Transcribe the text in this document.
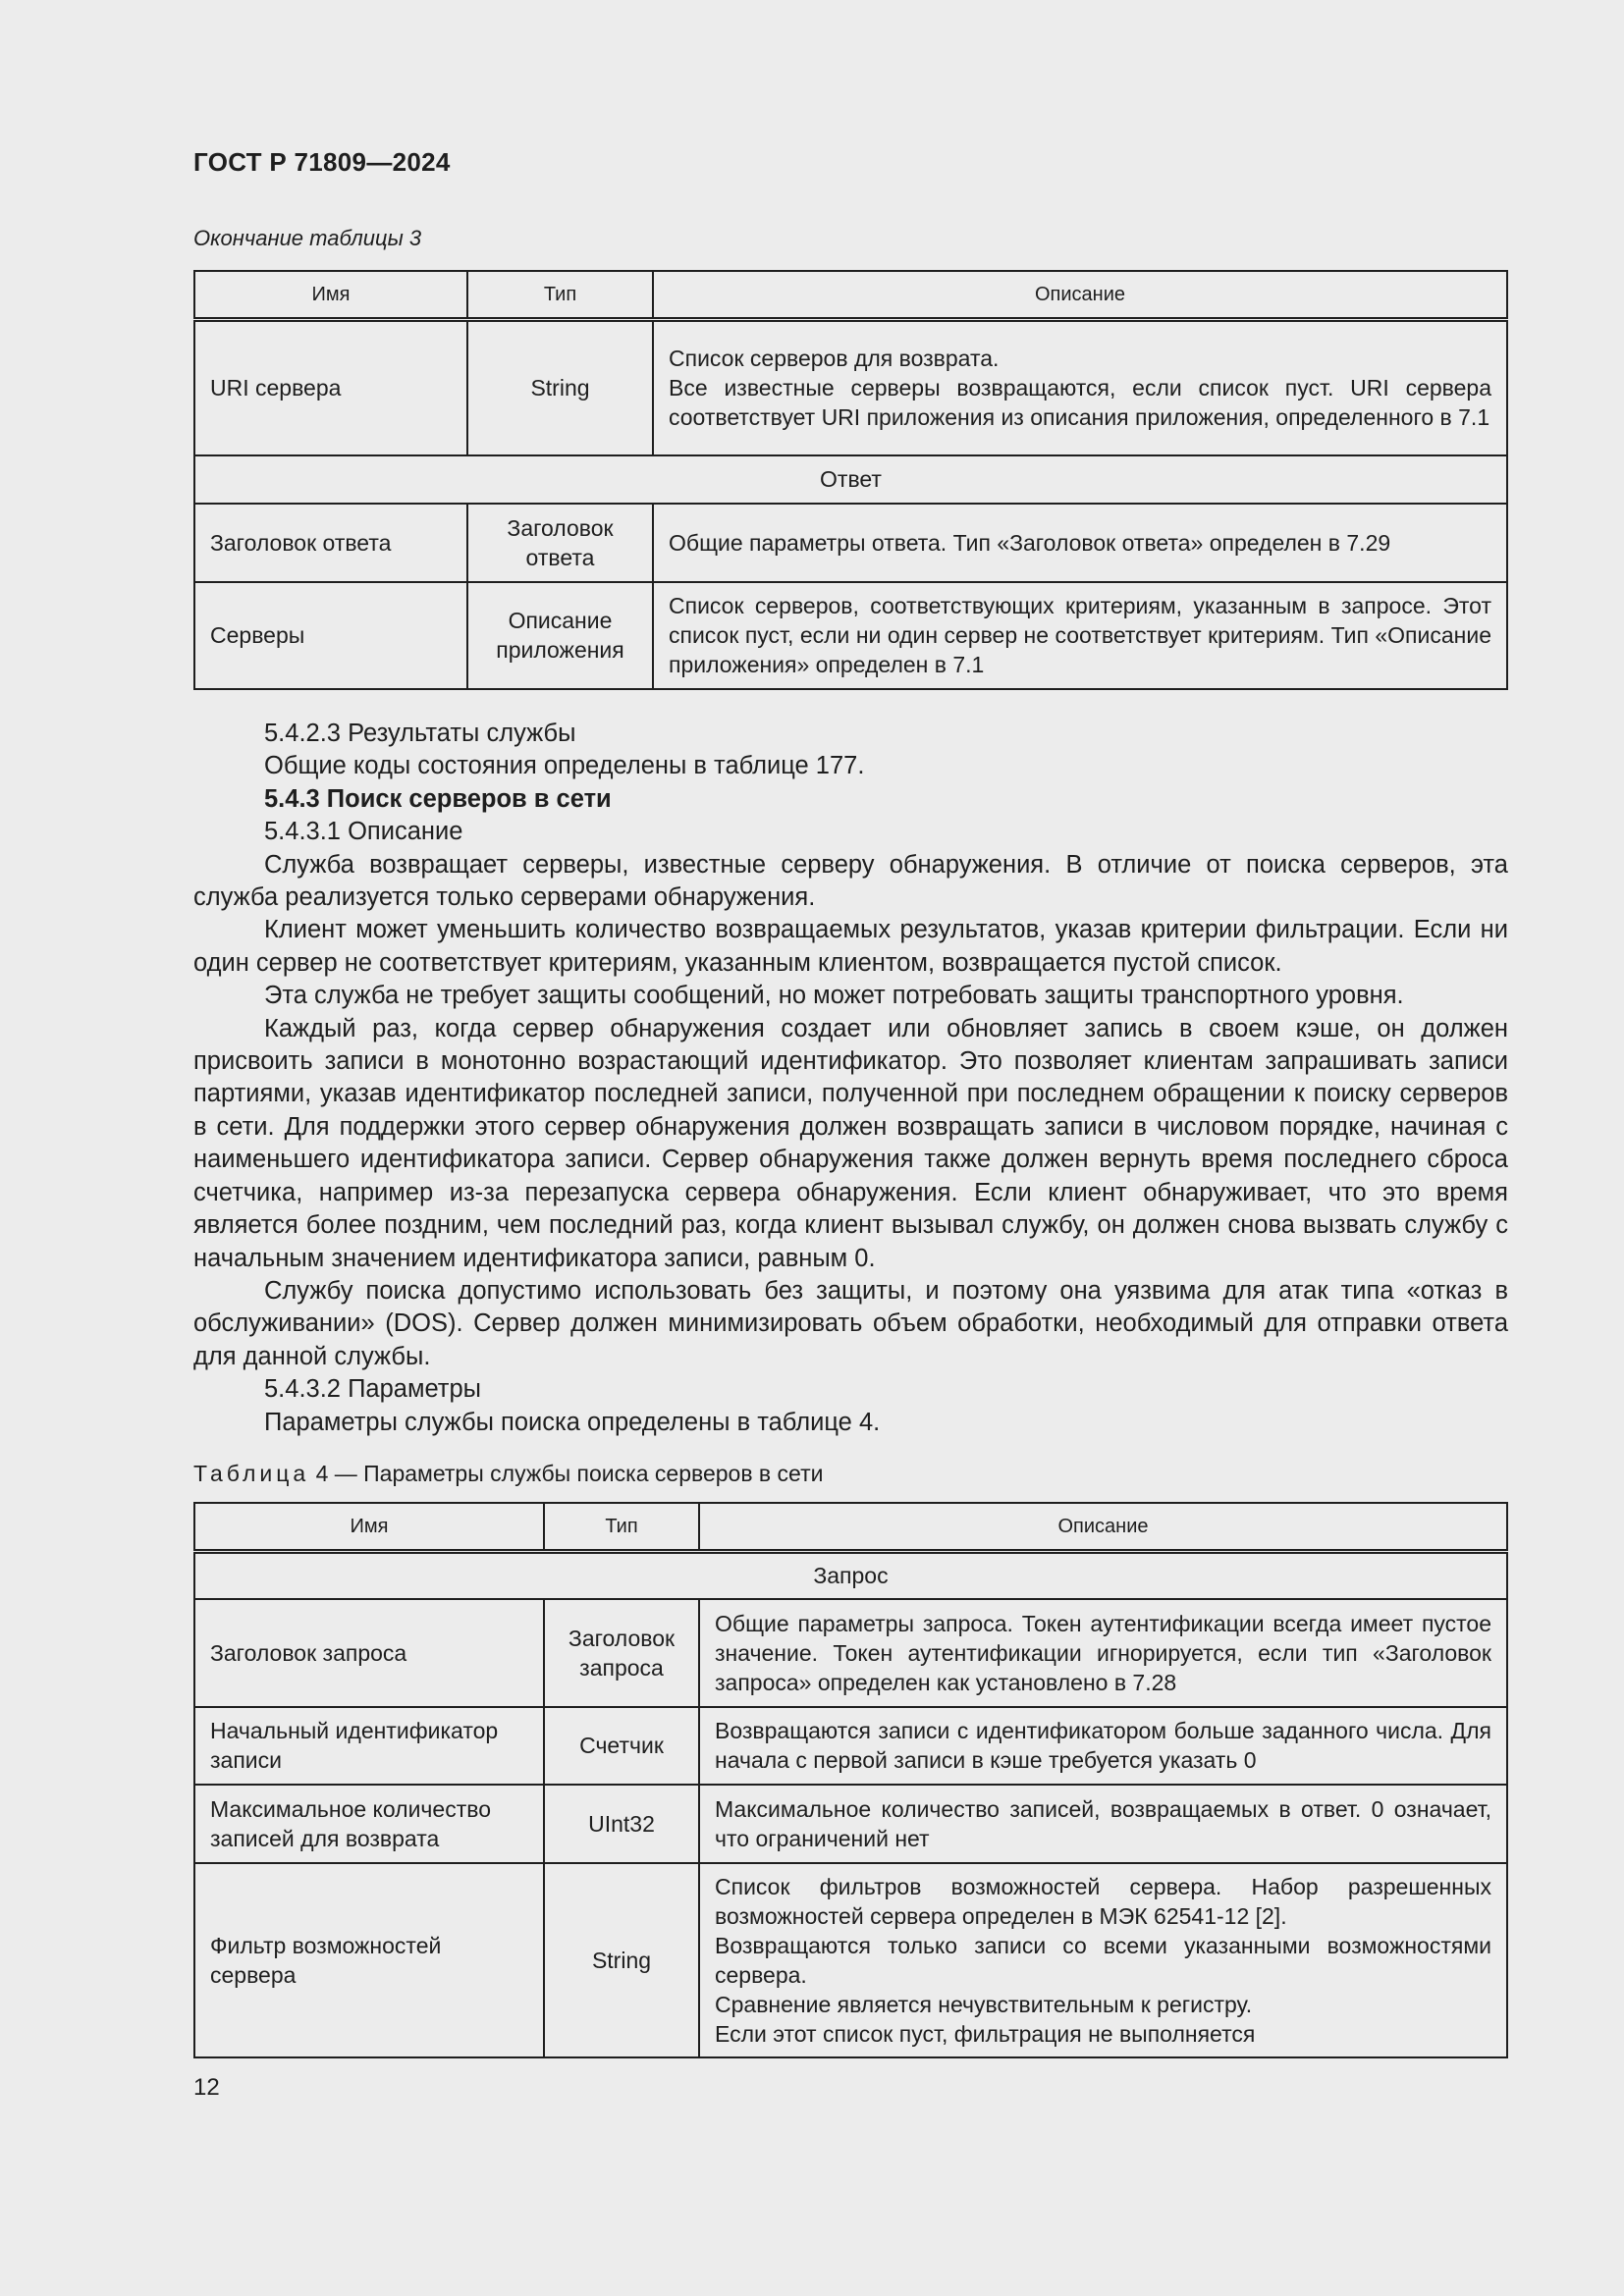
ГОСТ Р 71809—2024
Окончание таблицы 3
Имя	Тип	Описание
URI сервера	String	Список серверов для возврата.
Все известные серверы возвращаются, если список пуст. URI сервера соответствует URI приложения из описания приложения, определенного в 7.1

Ответ		
Заголовок ответа	Заголовок ответа	Общие параметры ответа. Тип «Заголовок ответа» определен в 7.29

Серверы	Описание приложения	Список серверов, соответствующих критериям, указанным в запросе. Этот список пуст, если ни один сервер не соответствует критериям. Тип «Описание приложения» определен в 7.1

5.4.2.3 Результаты службы

Общие коды состояния определены в таблице 177.

5.4.3 Поиск серверов в сети

5.4.3.1 Описание

Служба возвращает серверы, известные серверу обнаружения. В отличие от поиска серверов, эта служба реализуется только серверами обнаружения.

Клиент может уменьшить количество возвращаемых результатов, указав критерии фильтрации. Если ни один сервер не соответствует критериям, указанным клиентом, возвращается пустой список.

Эта служба не требует защиты сообщений, но может потребовать защиты транспортного уровня.

Каждый раз, когда сервер обнаружения создает или обновляет запись в своем кэше, он должен присвоить записи в монотонно возрастающий идентификатор. Это позволяет клиентам запрашивать записи партиями, указав идентификатор последней записи, полученной при последнем обращении к поиску серверов в сети. Для поддержки этого сервер обнаружения должен возвращать записи в числовом порядке, начиная с наименьшего идентификатора записи. Сервер обнаружения также должен вернуть время последнего сброса счетчика, например из-за перезапуска сервера обнаружения. Если клиент обнаруживает, что это время является более поздним, чем последний раз, когда клиент вызывал службу, он должен снова вызвать службу с начальным значением идентификатора записи, равным 0.

Службу поиска допустимо использовать без защиты, и поэтому она уязвима для атак типа «отказ в обслуживании» (DOS). Сервер должен минимизировать объем обработки, необходимый для отправки ответа для данной службы.

5.4.3.2 Параметры

Параметры службы поиска определены в таблице 4.

Таблица 4 — Параметры службы поиска серверов в сети
Имя	Тип	Описание
Запрос		
Заголовок запроса	Заголовок запроса	Общие параметры запроса. Токен аутентификации всегда имеет пустое значение. Токен аутентификации игнорируется, если тип «Заголовок запроса» определен как установлено в 7.28

Начальный идентификатор записи	Счетчик	Возвращаются записи с идентификатором больше заданного числа. Для начала с первой записи в кэше требуется указать 0

Максимальное количество записей для возврата	UInt32	Максимальное количество записей, возвращаемых в ответ. 0 означает, что ограничений нет

Фильтр возможностей сервера	String	Список фильтров возможностей сервера. Набор разрешенных возможностей сервера определен в МЭК 62541-12 [2].
Возвращаются только записи со всеми указанными возможностями сервера.
Сравнение является нечувствительным к регистру.
Если этот список пуст, фильтрация не выполняется
12
